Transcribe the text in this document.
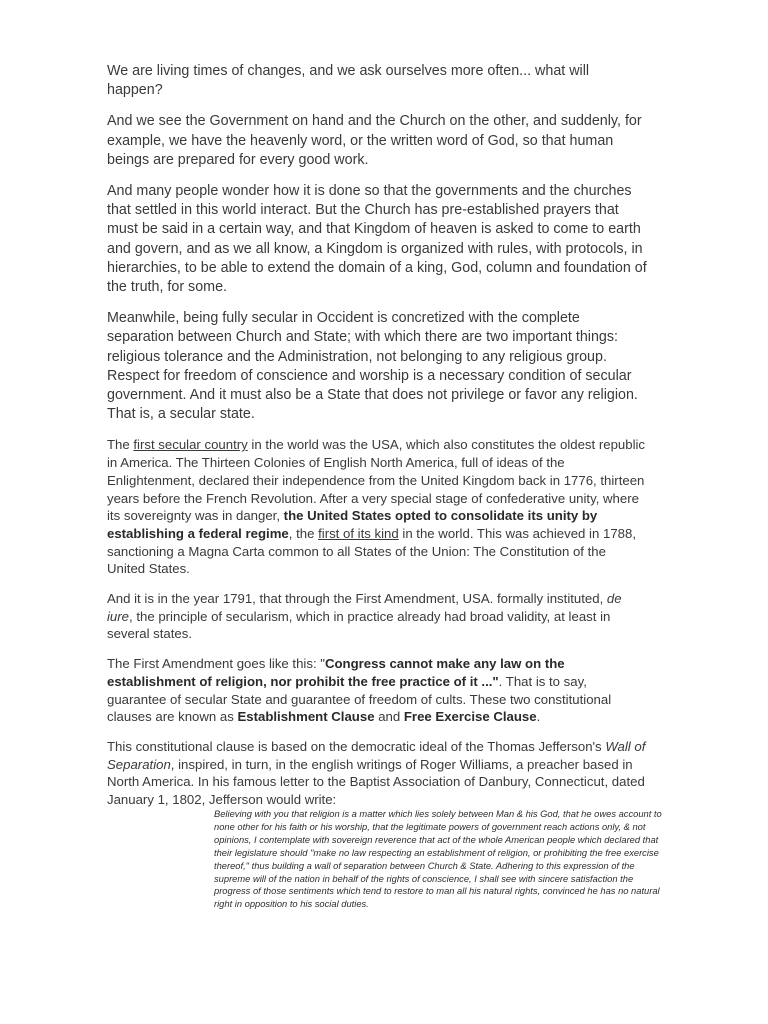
We are living times of changes, and we ask ourselves more often... what will happen?

And we see the Government on hand and the Church on the other, and suddenly, for example, we have the heavenly word, or the written word of God, so that human beings are prepared for every good work.

And many people wonder how it is done so that the governments and the churches that settled in this world interact. But the Church has pre-established prayers that must be said in a certain way, and that Kingdom of heaven is asked to come to earth and govern, and as we all know, a Kingdom is organized with rules, with protocols, in hierarchies, to be able to extend the domain of a king, God, column and foundation of the truth, for some.

Meanwhile, being fully secular in Occident is concretized with the complete separation between Church and State; with which there are two important things: religious tolerance and the Administration, not belonging to any religious group. Respect for freedom of conscience and worship is a necessary condition of secular government. And it must also be a State that does not privilege or favor any religion. That is, a secular state.

The first secular country in the world was the USA, which also constitutes the oldest republic in America. The Thirteen Colonies of English North America, full of ideas of the Enlightenment, declared their independence from the United Kingdom back in 1776, thirteen years before the French Revolution. After a very special stage of confederative unity, where its sovereignty was in danger, the United States opted to consolidate its unity by establishing a federal regime, the first of its kind in the world. This was achieved in 1788, sanctioning a Magna Carta common to all States of the Union: The Constitution of the United States.

And it is in the year 1791, that through the First Amendment, USA. formally instituted, de iure, the principle of secularism, which in practice already had broad validity, at least in several states.

The First Amendment goes like this: "Congress cannot make any law on the establishment of religion, nor prohibit the free practice of it ...". That is to say, guarantee of secular State and guarantee of freedom of cults. These two constitutional clauses are known as Establishment Clause and Free Exercise Clause.

This constitutional clause is based on the democratic ideal of the Thomas Jefferson's Wall of Separation, inspired, in turn, in the english writings of Roger Williams, a preacher based in North America. In his famous letter to the Baptist Association of Danbury, Connecticut, dated January 1, 1802, Jefferson would write:

Believing with you that religion is a matter which lies solely between Man & his God, that he owes account to none other for his faith or his worship, that the legitimate powers of government reach actions only, & not opinions, I contemplate with sovereign reverence that act of the whole American people which declared that their legislature should "make no law respecting an establishment of religion, or prohibiting the free exercise thereof," thus building a wall of separation between Church & State. Adhering to this expression of the supreme will of the nation in behalf of the rights of conscience, I shall see with sincere satisfaction the progress of those sentiments which tend to restore to man all his natural rights, convinced he has no natural right in opposition to his social duties.
